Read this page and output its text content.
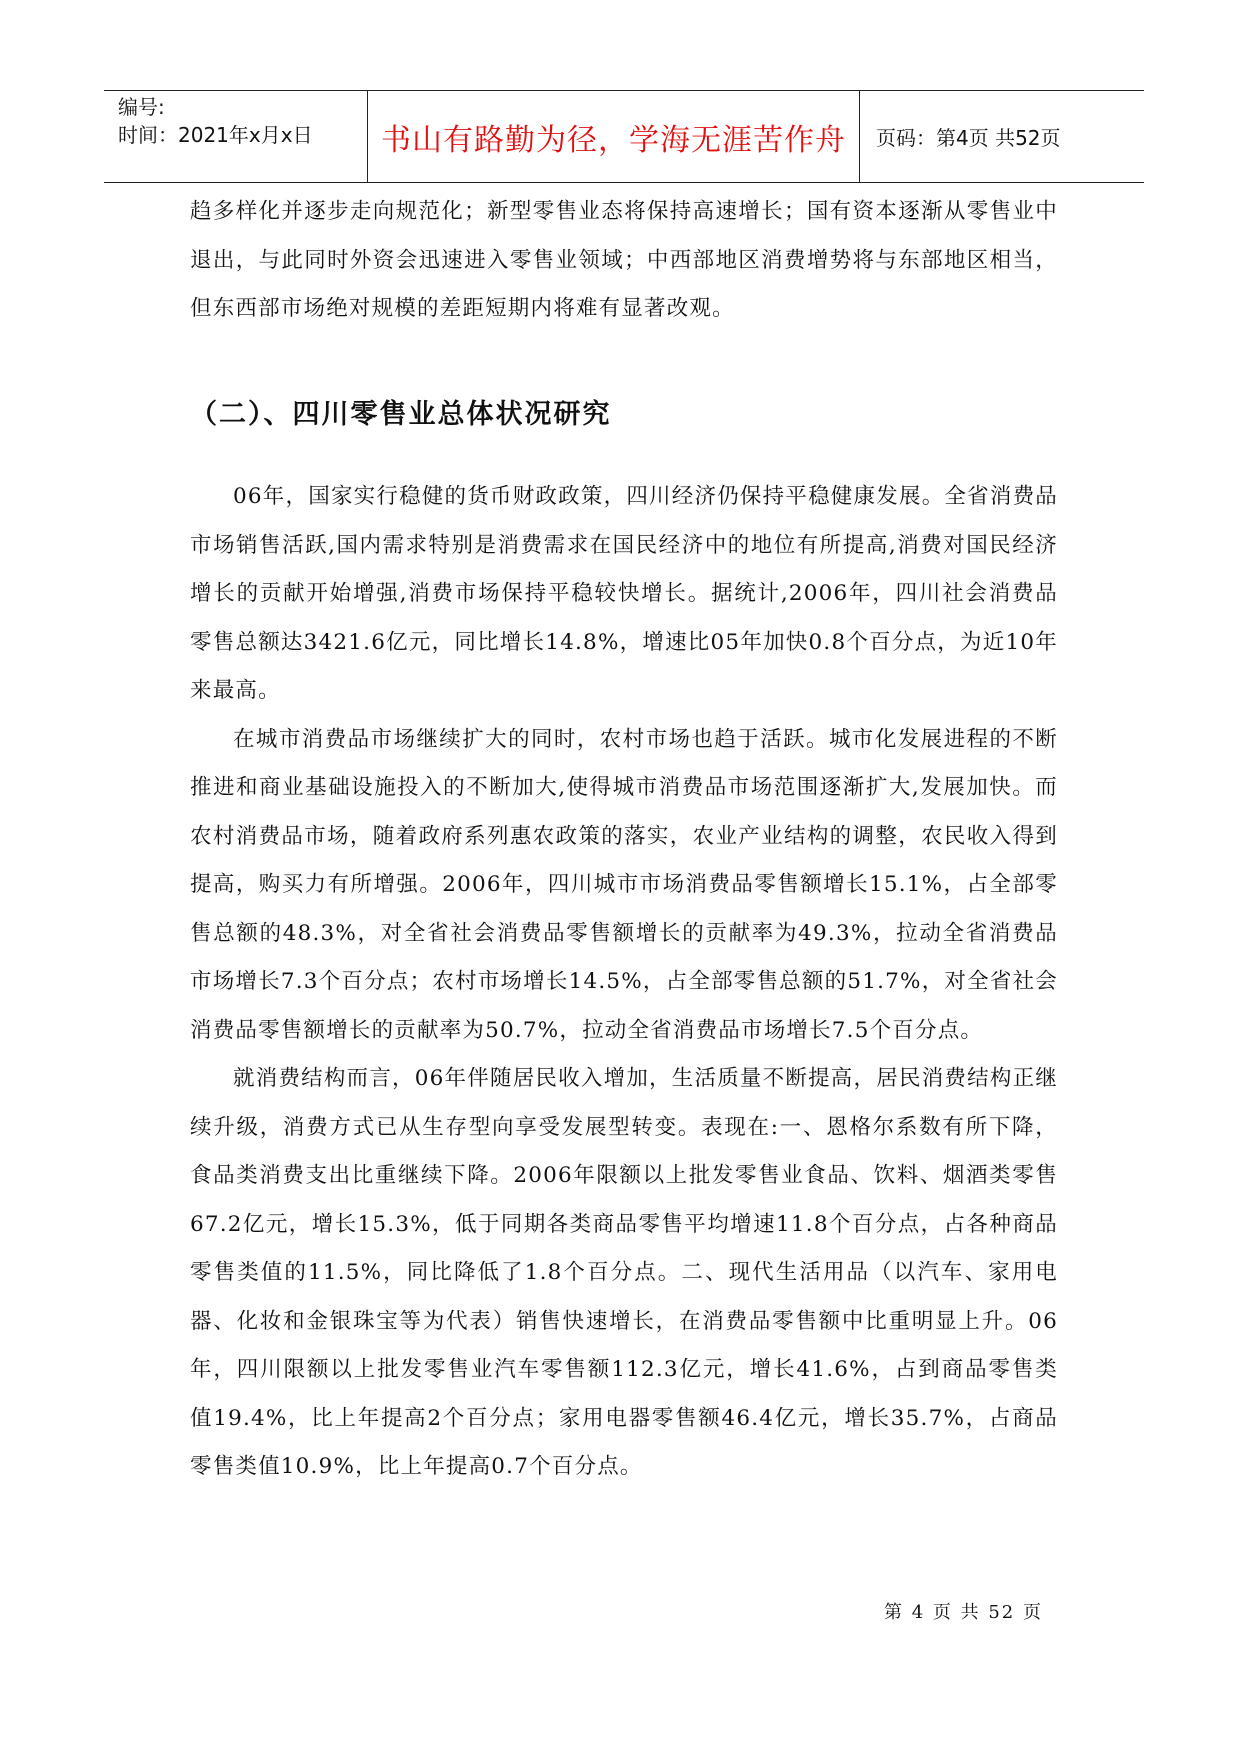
编号:
时间：2021年x月x日	书山有路勤为径，学海无涯苦作舟 页码：第4页 共52页

趋多样化并逐步走向规范化；新型零售业态将保持高速增长；国有资本逐渐从零售业中退出，与此同时外资会迅速进入零售业领域；中西部地区消费增势将与东部地区相当，但东西部市场绝对规模的差距短期内将难有显著改观。

（二）、四川零售业总体状况研究

06年，国家实行稳健的货币财政政策，四川经济仍保持平稳健康发展。全省消费品市场销售活跃,国内需求特别是消费需求在国民经济中的地位有所提高,消费对国民经济增长的贡献开始增强,消费市场保持平稳较快增长。据统计,2006年，四川社会消费品零售总额达3421.6亿元，同比增长14.8%，增速比05年加快0.8个百分点，为近10年来最高。

在城市消费品市场继续扩大的同时，农村市场也趋于活跃。城市化发展进程的不断推进和商业基础设施投入的不断加大,使得城市消费品市场范围逐渐扩大,发展加快。而农村消费品市场，随着政府系列惠农政策的落实，农业产业结构的调整，农民收入得到提高，购买力有所增强。2006年，四川城市市场消费品零售额增长15.1%，占全部零售总额的48.3%，对全省社会消费品零售额增长的贡献率为49.3%，拉动全省消费品市场增长7.3个百分点；农村市场增长14.5%，占全部零售总额的51.7%，对全省社会消费品零售额增长的贡献率为50.7%，拉动全省消费品市场增长7.5个百分点。

就消费结构而言，06年伴随居民收入增加，生活质量不断提高，居民消费结构正继续升级，消费方式已从生存型向享受发展型转变。表现在:一、恩格尔系数有所下降，食品类消费支出比重继续下降。2006年限额以上批发零售业食品、饮料、烟酒类零售67.2亿元，增长15.3%，低于同期各类商品零售平均增速11.8个百分点，占各种商品零售类值的11.5%，同比降低了1.8个百分点。二、现代生活用品（以汽车、家用电器、化妆和金银珠宝等为代表）销售快速增长，在消费品零售额中比重明显上升。06年，四川限额以上批发零售业汽车零售额112.3亿元，增长41.6%，占到商品零售类值19.4%，比上年提高2个百分点；家用电器零售额46.4亿元，增长35.7%，占商品零售类值10.9%，比上年提高0.7个百分点。

第 4 页 共 52 页
